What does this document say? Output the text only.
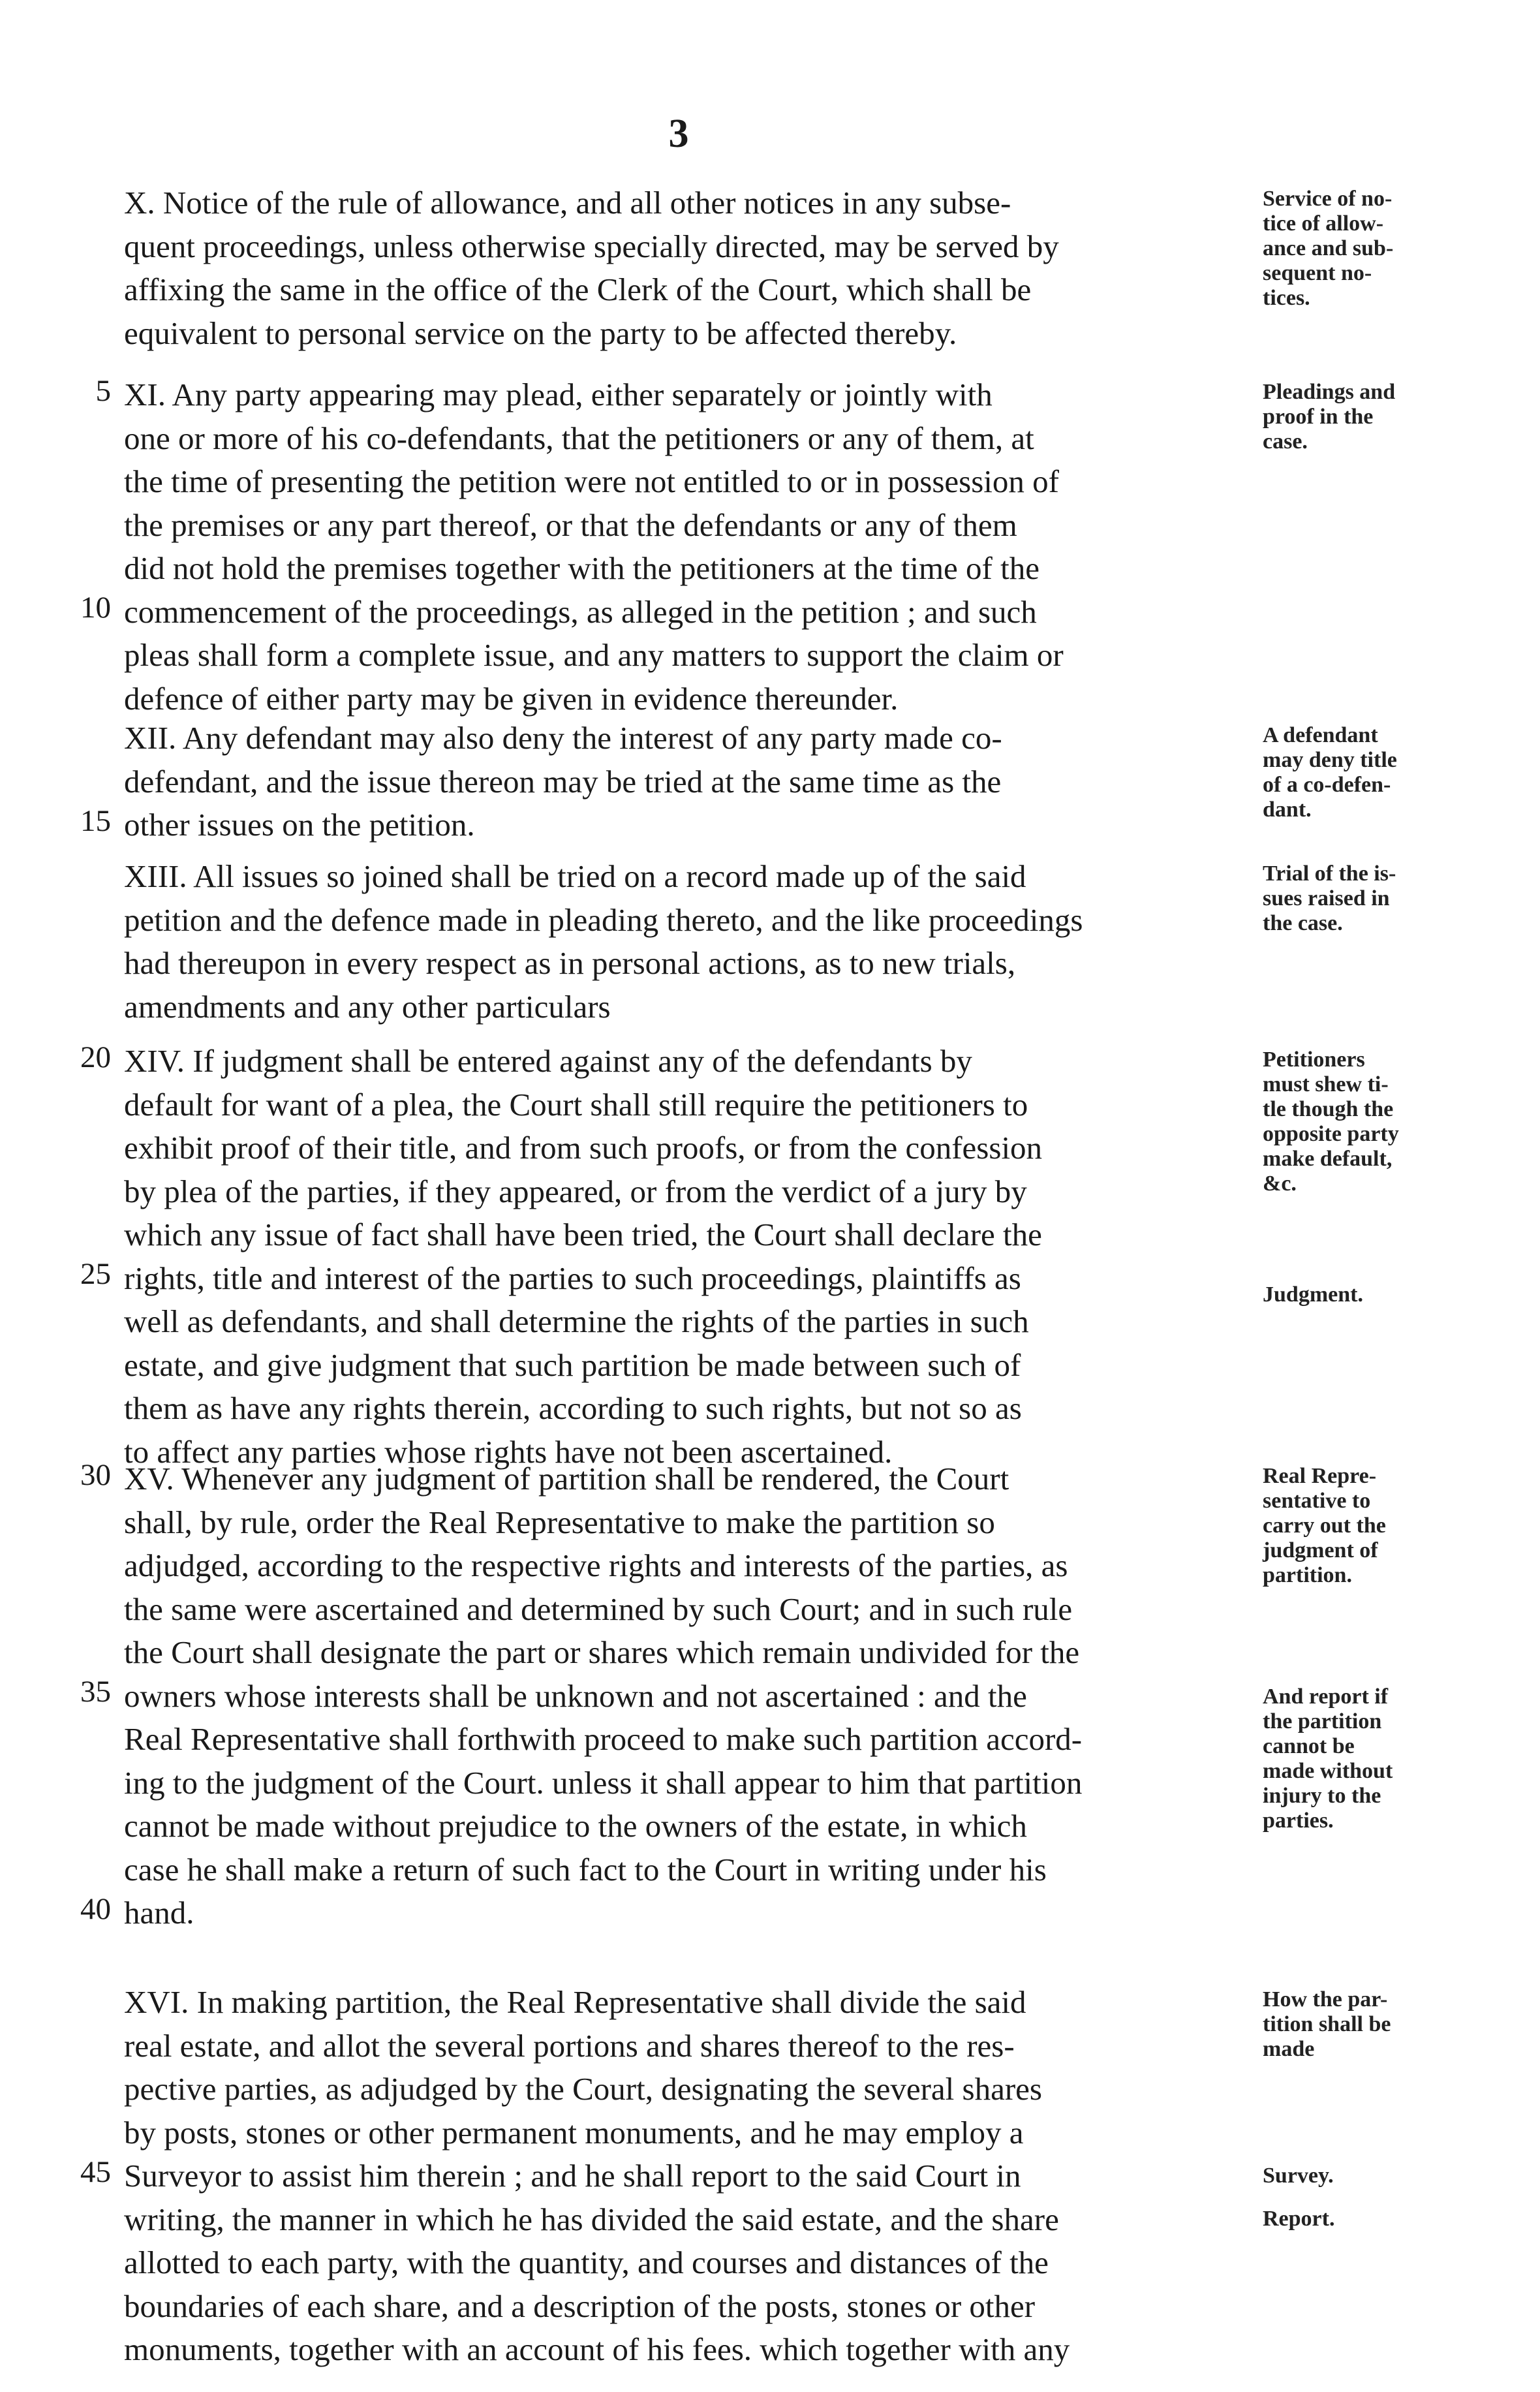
3
X. Notice of the rule of allowance, and all other notices in any subse-
quent proceedings, unless otherwise specially directed, may be served by
affixing the same in the office of the Clerk of the Court, which shall be
equivalent to personal service on the party to be affected thereby.
Service of no-
tice of allow-
ance and sub-
sequent no-
tices.
5
10
XI. Any party appearing may plead, either separately or jointly with
one or more of his co-defendants, that the petitioners or any of them, at
the time of presenting the petition were not entitled to or in possession of
the premises or any part thereof, or that the defendants or any of them
did not hold the premises together with the petitioners at the time of the
commencement of the proceedings, as alleged in the petition ; and such
pleas shall form a complete issue, and any matters to support the claim or
defence of either party may be given in evidence thereunder.
Pleadings and
proof in the
case.
15
XII. Any defendant may also deny the interest of any party made co-
defendant, and the issue thereon may be tried at the same time as the
other issues on the petition.
A defendant
may deny title
of a co-defen-
dant.
XIII. All issues so joined shall be tried on a record made up of the said
petition and the defence made in pleading thereto, and the like proceedings
had thereupon in every respect as in personal actions, as to new trials,
amendments and any other particulars
Trial of the is-
sues raised in
the case.
20
25
XIV. If judgment shall be entered against any of the defendants by
default for want of a plea, the Court shall still require the petitioners to
exhibit proof of their title, and from such proofs, or from the confession
by plea of the parties, if they appeared, or from the verdict of a jury by
which any issue of fact shall have been tried, the Court shall declare the
rights, title and interest of the parties to such proceedings, plaintiffs as
well as defendants, and shall determine the rights of the parties in such
estate, and give judgment that such partition be made between such of
them as have any rights therein, according to such rights, but not so as
to affect any parties whose rights have not been ascertained.
Petitioners
must shew ti-
tle though the
opposite party
make default,
&c.
Judgment.
30
35
40
XV. Whenever any judgment of partition shall be rendered, the Court
shall, by rule, order the Real Representative to make the partition so
adjudged, according to the respective rights and interests of the parties, as
the same were ascertained and determined by such Court; and in such rule
the Court shall designate the part or shares which remain undivided for the
owners whose interests shall be unknown and not ascertained : and the
Real Representative shall forthwith proceed to make such partition accord-
ing to the judgment of the Court. unless it shall appear to him that partition
cannot be made without prejudice to the owners of the estate, in which
case he shall make a return of such fact to the Court in writing under his
hand.
Real Repre-
sentative to
carry out the
judgment of
partition.
And report if
the partition
cannot be
made without
injury to the
parties.
45
XVI. In making partition, the Real Representative shall divide the said
real estate, and allot the several portions and shares thereof to the res-
pective parties, as adjudged by the Court, designating the several shares
by posts, stones or other permanent monuments, and he may employ a
Surveyor to assist him therein ; and he shall report to the said Court in
writing, the manner in which he has divided the said estate, and the share
allotted to each party, with the quantity, and courses and distances of the
boundaries of each share, and a description of the posts, stones or other
monuments, together with an account of his fees. which together with any
How the par-
tition shall be
made
Survey.
Report.
